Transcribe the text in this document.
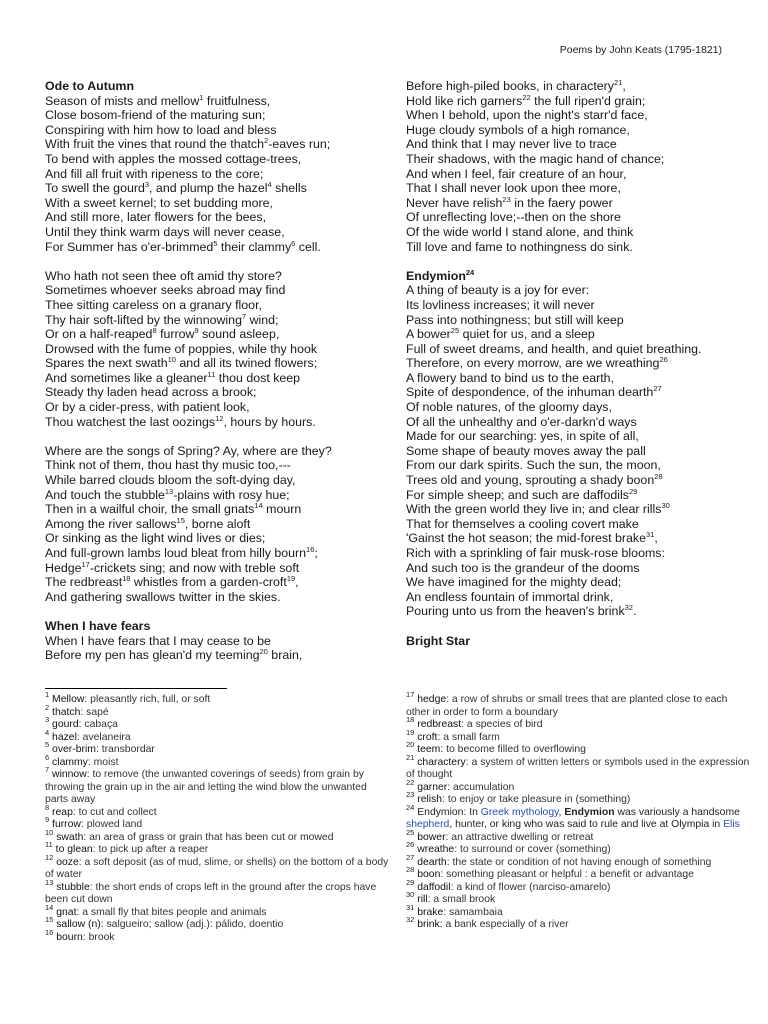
Poems by John Keats (1795-1821)
Ode to Autumn
Season of mists and mellow$^1$ fruitfulness,
Close bosom-friend of the maturing sun;
Conspiring with him how to load and bless
With fruit the vines that round the thatch$^2$-eaves run;
To bend with apples the mossed cottage-trees,
And fill all fruit with ripeness to the core;
To swell the gourd$^3$, and plump the hazel$^4$ shells
With a sweet kernel; to set budding more,
And still more, later flowers for the bees,
Until they think warm days will never cease,
For Summer has o'er-brimmed$^5$ their clammy$^6$ cell.
Who hath not seen thee oft amid thy store?
Sometimes whoever seeks abroad may find
Thee sitting careless on a granary floor,
Thy hair soft-lifted by the winnowing$^7$ wind;
Or on a half-reaped$^8$ furrow$^9$ sound asleep,
Drowsed with the fume of poppies, while thy hook
Spares the next swath$^{10}$ and all its twined flowers;
And sometimes like a gleaner$^{11}$ thou dost keep
Steady thy laden head across a brook;
Or by a cider-press, with patient look,
Thou watchest the last oozings$^{12}$, hours by hours.
Where are the songs of Spring? Ay, where are they?
Think not of them, thou hast thy music too,---
While barred clouds bloom the soft-dying day,
And touch the stubble$^{13}$-plains with rosy hue;
Then in a wailful choir, the small gnats$^{14}$ mourn
Among the river sallows$^{15}$, borne aloft
Or sinking as the light wind lives or dies;
And full-grown lambs loud bleat from hilly bourn$^{16}$;
Hedge$^{17}$-crickets sing; and now with treble soft
The redbreast$^{18}$ whistles from a garden-croft$^{19}$,
And gathering swallows twitter in the skies.
When I have fears
When I have fears that I may cease to be
Before my pen has glean'd my teeming$^{20}$ brain,
Before high-piled books, in charactery$^{21}$,
Hold like rich garners$^{22}$ the full ripen'd grain;
When I behold, upon the night's starr'd face,
Huge cloudy symbols of a high romance,
And think that I may never live to trace
Their shadows, with the magic hand of chance;
And when I feel, fair creature of an hour,
That I shall never look upon thee more,
Never have relish$^{23}$ in the faery power
Of unreflecting love;--then on the shore
Of the wide world I stand alone, and think
Till love and fame to nothingness do sink.
Endymion$^{24}$
A thing of beauty is a joy for ever:
Its lovliness increases; it will never
Pass into nothingness; but still will keep
A bower$^{25}$ quiet for us, and a sleep
Full of sweet dreams, and health, and quiet breathing.
Therefore, on every morrow, are we wreathing$^{26}$
A flowery band to bind us to the earth,
Spite of despondence, of the inhuman dearth$^{27}$
Of noble natures, of the gloomy days,
Of all the unhealthy and o'er-darkn'd ways
Made for our searching: yes, in spite of all,
Some shape of beauty moves away the pall
From our dark spirits. Such the sun, the moon,
Trees old and young, sprouting a shady boon$^{28}$
For simple sheep; and such are daffodils$^{29}$
With the green world they live in; and clear rills$^{30}$
That for themselves a cooling covert make
'Gainst the hot season; the mid-forest brake$^{31}$,
Rich with a sprinkling of fair musk-rose blooms:
And such too is the grandeur of the dooms
We have imagined for the mighty dead;
An endless fountain of immortal drink,
Pouring unto us from the heaven's brink$^{32}$.
Bright Star
$^1$ Mellow: pleasantly rich, full, or soft
$^2$ thatch: sapé
$^3$ gourd: cabaça
$^4$ hazel: avelaneira
$^5$ over-brim: transbordar
$^6$ clammy: moist
$^7$ winnow: to remove (the unwanted coverings of seeds) from grain by throwing the grain up in the air and letting the wind blow the unwanted parts away
$^8$ reap: to cut and collect
$^9$ furrow: plowed land
$^{10}$ swath: an area of grass or grain that has been cut or mowed
$^{11}$ to glean: to pick up after a reaper
$^{12}$ ooze: a soft deposit (as of mud, slime, or shells) on the bottom of a body of water
$^{13}$ stubble: the short ends of crops left in the ground after the crops have been cut down
$^{14}$ gnat: a small fly that bites people and animals
$^{15}$ sallow (n): salgueiro; sallow (adj.): pálido, doentio
$^{16}$ bourn: brook
$^{17}$ hedge: a row of shrubs or small trees that are planted close to each other in order to form a boundary
$^{18}$ redbreast: a species of bird
$^{19}$ croft: a small farm
$^{20}$ teem: to become filled to overflowing
$^{21}$ charactery: a system of written letters or symbols used in the expression of thought
$^{22}$ garner: accumulation
$^{23}$ relish: to enjoy or take pleasure in (something)
$^{24}$ Endymion: In Greek mythology, Endymion was variously a handsome shepherd, hunter, or king who was said to rule and live at Olympia in Elis
$^{25}$ bower: an attractive dwelling or retreat
$^{26}$ wreathe: to surround or cover (something)
$^{27}$ dearth: the state or condition of not having enough of something
$^{28}$ boon: something pleasant or helpful : a benefit or advantage
$^{29}$ daffodil: a kind of flower (narciso-amarelo)
$^{30}$ rill: a small brook
$^{31}$ brake: samambaia
$^{32}$ brink: a bank especially of a river
